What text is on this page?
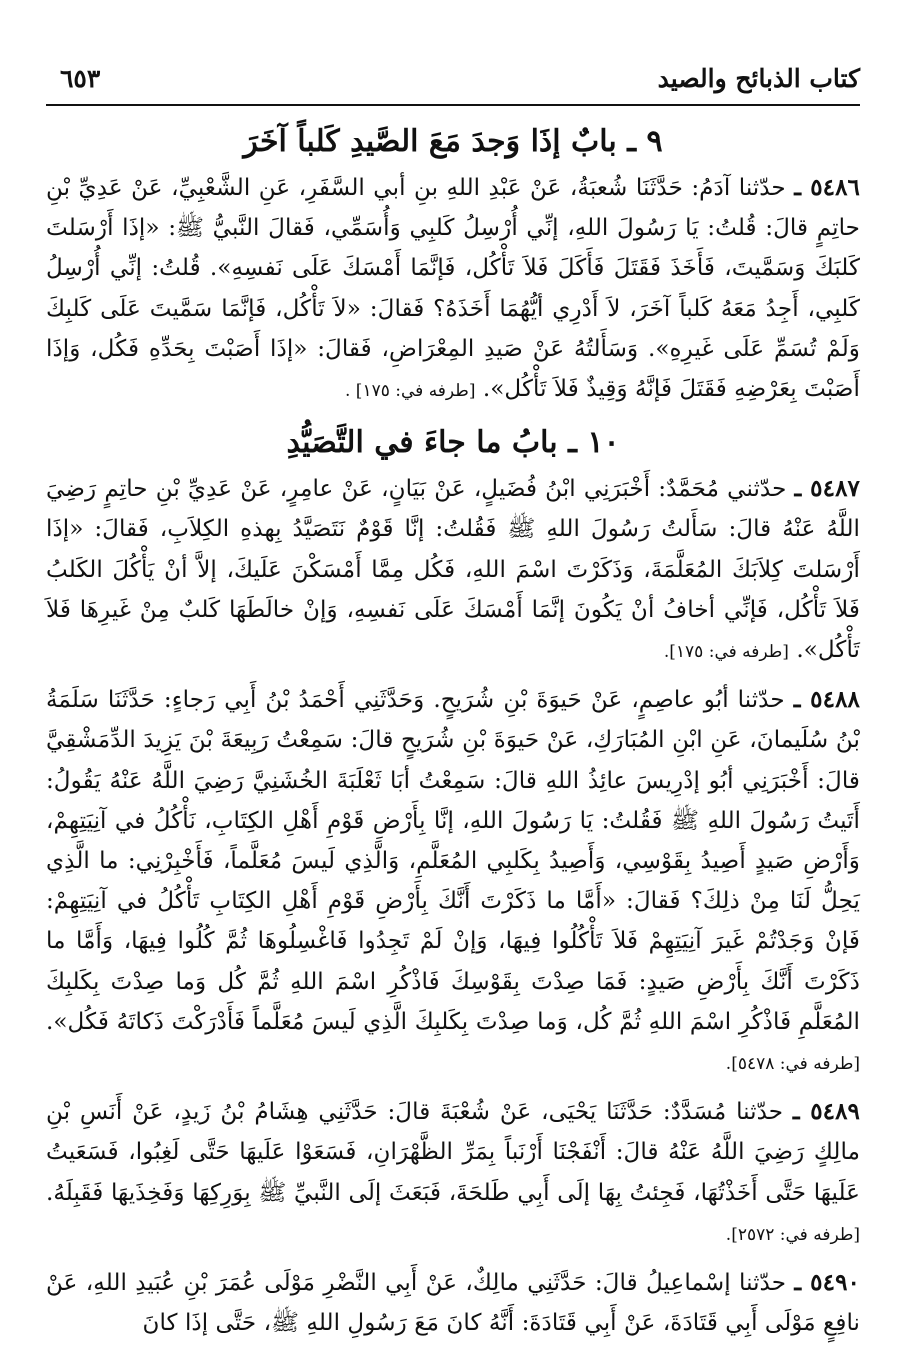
كتاب الذبائح والصيد
٦٥٣
٩ ـ بابٌ إذَا وَجدَ مَعَ الصَّيدِ كَلباً آخَرَ

٥٤٨٦ ـ حدّثنا آدَمُ: حَدَّثَنَا شُعبَةُ، عَنْ عَبْدِ اللهِ بنِ أبي السَّفَرِ، عَنِ الشَّعْبِيِّ، عَنْ عَدِيِّ بْنِ حاتِمٍ قالَ: قُلتُ: يَا رَسُولَ اللهِ، إنِّي أُرْسِلُ كَلبِي وَأُسَمِّي، فَقالَ النَّبيُّ ﷺ: «إذَا أَرْسَلتَ كَلبَكَ وَسَمَّيتَ، فَأَخَذَ فَقَتَلَ فَأَكَلَ فَلاَ تَأْكُل، فَإنَّمَا أَمْسَكَ عَلَى نَفسِهِ». قُلتُ: إنِّي أُرْسِلُ كَلبِي، أَجِدُ مَعَهُ كَلباً آخَرَ، لاَ أَدْرِي أيُّهُمَا أَخَذَهُ؟ فَقالَ: «لاَ تَأْكُل، فَإنَّمَا سَمَّيتَ عَلَى كَلبِكَ وَلَمْ تُسَمِّ عَلَى غَيرِهِ». وَسَأَلتُهُ عَنْ صَيدِ المِعْرَاضِ، فَقالَ: «إذَا أَصَبْتَ بِحَدِّهِ فَكُل، وَإذَا أَصَبْتَ بِعَرْضِهِ فَقَتَلَ فَإنَّهُ وَقِيذٌ فَلاَ تَأْكُل». [طرفه في: ١٧٥] .

١٠ ـ بابُ ما جاءَ في التَّصَيُّدِ

٥٤٨٧ ـ حدّثني مُحَمَّدٌ: أَخْبَرَنِي ابْنُ فُضَيلٍ، عَنْ بَيَانٍ، عَنْ عامِرٍ، عَنْ عَدِيِّ بْنِ حاتِمٍ رَضِيَ اللَّهُ عَنْهُ قالَ: سَأَلتُ رَسُولَ اللهِ ﷺ فَقُلتُ: إنَّا قَوْمٌ نَتَصَيَّدُ بِهذهِ الكِلاَبِ، فَقالَ: «إذَا أَرْسَلتَ كِلاَبَكَ المُعَلَّمَةَ، وَذَكَرْتَ اسْمَ اللهِ، فَكُل مِمَّا أَمْسَكْنَ عَلَيكَ، إلاَّ أنْ يَأْكُلَ الكَلبُ فَلاَ تَأْكُل، فَإنِّي أخافُ أنْ يَكُونَ إنَّمَا أَمْسَكَ عَلَى نَفسِهِ، وَإنْ خالَطَهَا كَلبٌ مِنْ غَيرِهَا فَلاَ تَأْكُل». [طرفه في: ١٧٥].

٥٤٨٨ ـ حدّثنا أبُو عاصِمٍ، عَنْ حَيوَةَ بْنِ شُرَيحٍ. وَحَدَّثَنِي أَحْمَدُ بْنُ أَبِي رَجاءٍ: حَدَّثَنَا سَلَمَةُ بْنُ سُلَيمانَ، عَنِ ابْنِ المُبَارَكِ، عَنْ حَيوَةَ بْنِ شُرَيحٍ قالَ: سَمِعْتُ رَبِيعَةَ بْنَ يَزِيدَ الدِّمَشْقِيَّ قالَ: أَخْبَرَنِي أبُو إدْرِيسَ عائِذُ اللهِ قالَ: سَمِعْتُ أبَا ثَعْلَبَةَ الخُشَنِيَّ رَضِيَ اللَّهُ عَنْهُ يَقُولُ: أَتَيتُ رَسُولَ اللهِ ﷺ فَقُلتُ: يَا رَسُولَ اللهِ، إنَّا بِأَرْضِ قَوْمِ أَهْلِ الكِتَابِ، نَأْكُلُ في آنِيَتِهِمْ، وَأَرْضِ صَيدٍ أَصِيدُ بِقَوْسِي، وَأَصِيدُ بِكَلبِي المُعَلَّمِ، وَالَّذِي لَيسَ مُعَلَّماً، فَأَخْبِرْنِي: ما الَّذِي يَحِلُّ لَنَا مِنْ ذلِكَ؟ فَقالَ: «أَمَّا ما ذَكَرْتَ أَنَّكَ بِأَرْضِ قَوْمِ أَهْلِ الكِتَابِ تَأْكُلُ في آنِيَتِهِمْ: فَإنْ وَجَدْتُمْ غَيرَ آنِيَتِهِمْ فَلاَ تَأْكُلُوا فِيهَا، وَإنْ لَمْ تَجِدُوا فَاغْسِلُوهَا ثُمَّ كُلُوا فِيهَا، وَأَمَّا ما ذَكَرْتَ أَنَّكَ بِأَرْضِ صَيدٍ: فَمَا صِدْتَ بِقَوْسِكَ فَاذْكُرِ اسْمَ اللهِ ثُمَّ كُل وَما صِدْتَ بِكَلبِكَ المُعَلَّمِ فَاذْكُرِ اسْمَ اللهِ ثُمَّ كُل، وَما صِدْتَ بِكَلبِكَ الَّذِي لَيسَ مُعَلَّماً فَأَدْرَكْتَ ذَكاتَهُ فَكُل». [طرفه في: ٥٤٧٨].

٥٤٨٩ ـ حدّثنا مُسَدَّدٌ: حَدَّثَنَا يَحْيَى، عَنْ شُعْبَةَ قالَ: حَدَّثَنِي هِشَامُ بْنُ زَيدٍ، عَنْ أَنَسِ بْنِ مالِكٍ رَضِيَ اللَّهُ عَنْهُ قالَ: أَنْفَجْنَا أَرْنَباً بِمَرِّ الظَّهْرَانِ، فَسَعَوْا عَلَيهَا حَتَّى لَغِبُوا، فَسَعَيتُ عَلَيهَا حَتَّى أَخَذْتُهَا، فَجِئتُ بِهَا إلَى أَبِي طَلحَةَ، فَبَعَثَ إلَى النَّبيِّ ﷺ بِوَرِكِهَا وَفَخِذَيهَا فَقَبِلَهُ. [طرفه في: ٢٥٧٢].

٥٤٩٠ ـ حدّثنا إسْماعِيلُ قالَ: حَدَّثَنِي مالِكٌ، عَنْ أَبِي النَّضْرِ مَوْلَى عُمَرَ بْنِ عُبَيدِ اللهِ، عَنْ نافِعٍ مَوْلَى أَبِي قَتَادَةَ، عَنْ أَبِي قَتَادَةَ: أَنَّهُ كانَ مَعَ رَسُولِ اللهِ ﷺ، حَتَّى إذَا كانَ
